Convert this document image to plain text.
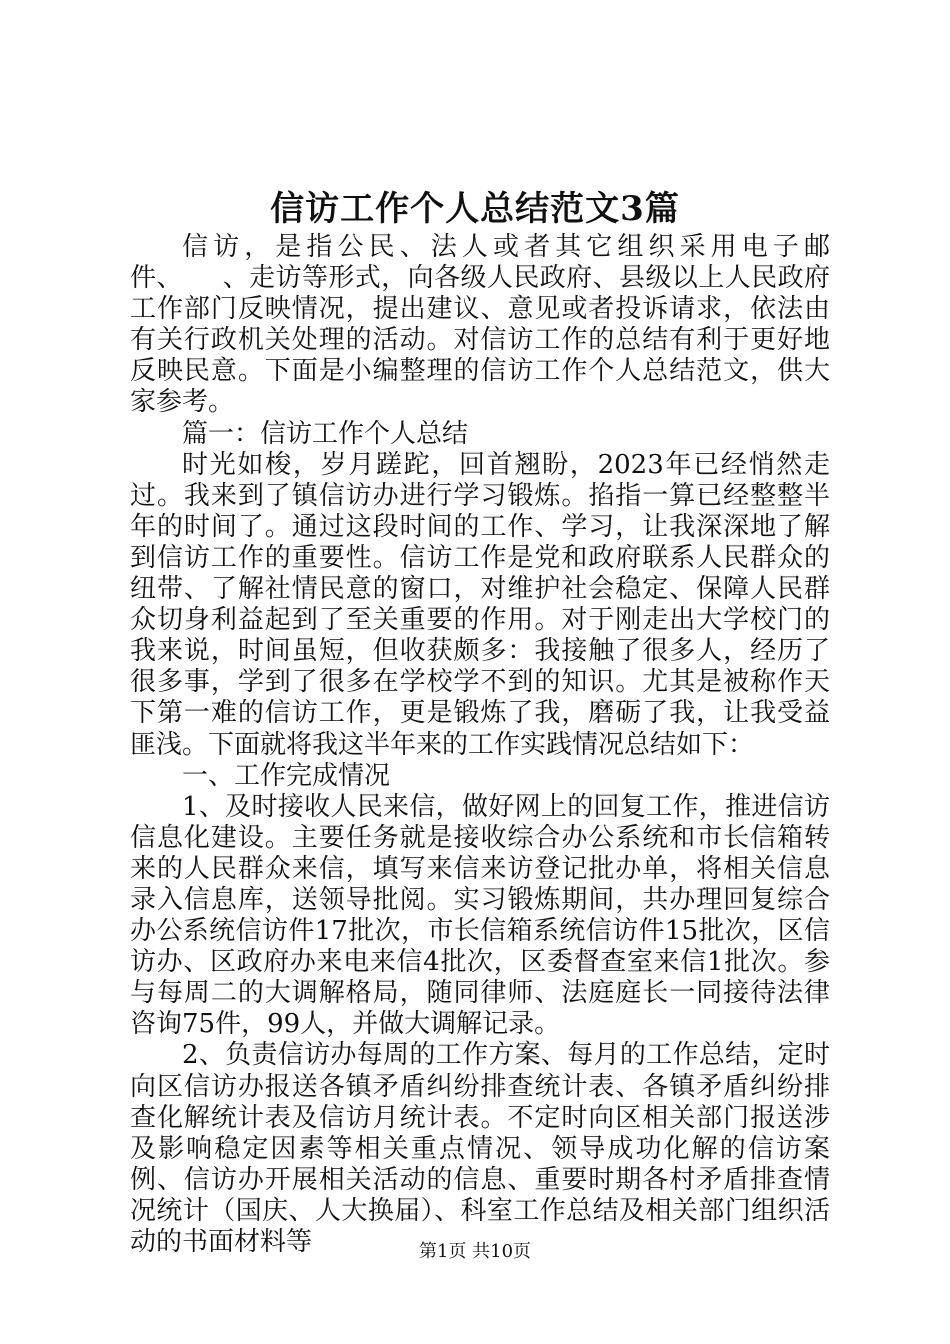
信访工作个人总结范文3篇

信访，是指公民、法人或者其它组织采用电子邮件、　　、走访等形式，向各级人民政府、县级以上人民政府工作部门反映情况，提出建议、意见或者投诉请求，依法由有关行政机关处理的活动。对信访工作的总结有利于更好地反映民意。下面是小编整理的信访工作个人总结范文，供大家参考。

篇一：信访工作个人总结

时光如梭，岁月蹉跎，回首翘盼，2023年已经悄然走过。我来到了镇信访办进行学习锻炼。掐指一算已经整整半年的时间了。通过这段时间的工作、学习，让我深深地了解到信访工作的重要性。信访工作是党和政府联系人民群众的纽带、了解社情民意的窗口，对维护社会稳定、保障人民群众切身利益起到了至关重要的作用。对于刚走出大学校门的我来说，时间虽短，但收获颇多：我接触了很多人，经历了很多事，学到了很多在学校学不到的知识。尤其是被称作天下第一难的信访工作，更是锻炼了我，磨砺了我，让我受益匪浅。下面就将我这半年来的工作实践情况总结如下：

一、工作完成情况

1、及时接收人民来信，做好网上的回复工作，推进信访信息化建设。主要任务就是接收综合办公系统和市长信箱转来的人民群众来信，填写来信来访登记批办单，将相关信息录入信息库，送领导批阅。实习锻炼期间，共办理回复综合办公系统信访件17批次，市长信箱系统信访件15批次，区信访办、区政府办来电来信4批次，区委督查室来信1批次。参与每周二的大调解格局，随同律师、法庭庭长一同接待法律咨询75件，99人，并做大调解记录。

2、负责信访办每周的工作方案、每月的工作总结，定时向区信访办报送各镇矛盾纠纷排查统计表、各镇矛盾纠纷排查化解统计表及信访月统计表。不定时向区相关部门报送涉及影响稳定因素等相关重点情况、领导成功化解的信访案例、信访办开展相关活动的信息、重要时期各村矛盾排查情况统计（国庆、人大换届）、科室工作总结及相关部门组织活动的书面材料等	第1页 共10页
